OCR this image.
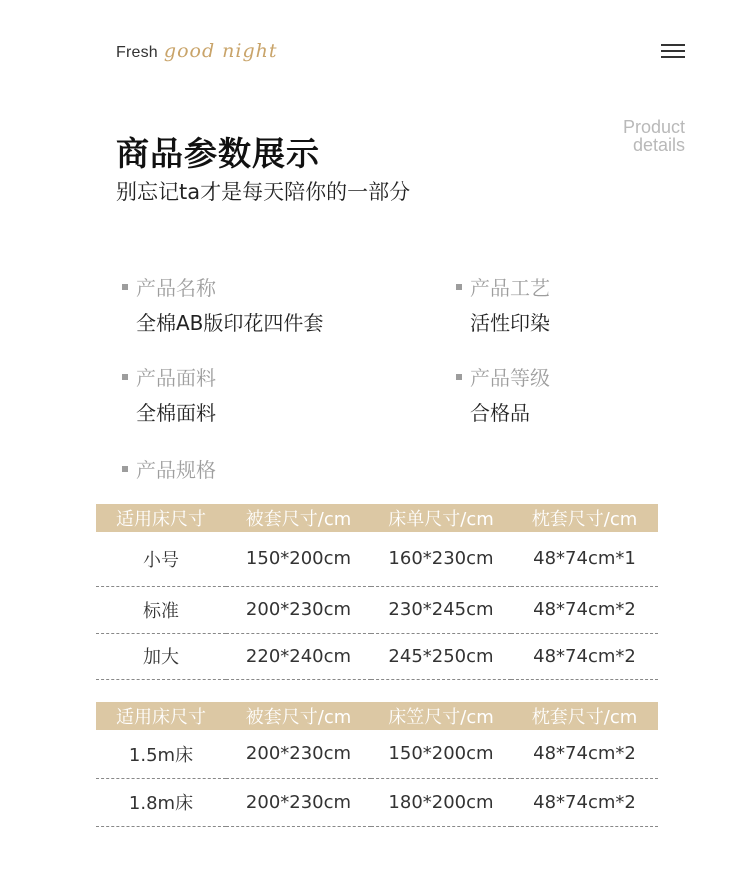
Fresh good night
商品参数展示
别忘记ta才是每天陪你的一部分
Product
details
产品名称
全棉AB版印花四件套
产品工艺
活性印染
产品面料
全棉面料
产品等级
合格品
产品规格
适用床尺寸	被套尺寸/cm	床单尺寸/cm	枕套尺寸/cm
小号	150*200cm	160*230cm	48*74cm*1
标准	200*230cm	230*245cm	48*74cm*2
加大	220*240cm	245*250cm	48*74cm*2
适用床尺寸	被套尺寸/cm	床笠尺寸/cm	枕套尺寸/cm
1.5m床	200*230cm	150*200cm	48*74cm*2
1.8m床	200*230cm	180*200cm	48*74cm*2
